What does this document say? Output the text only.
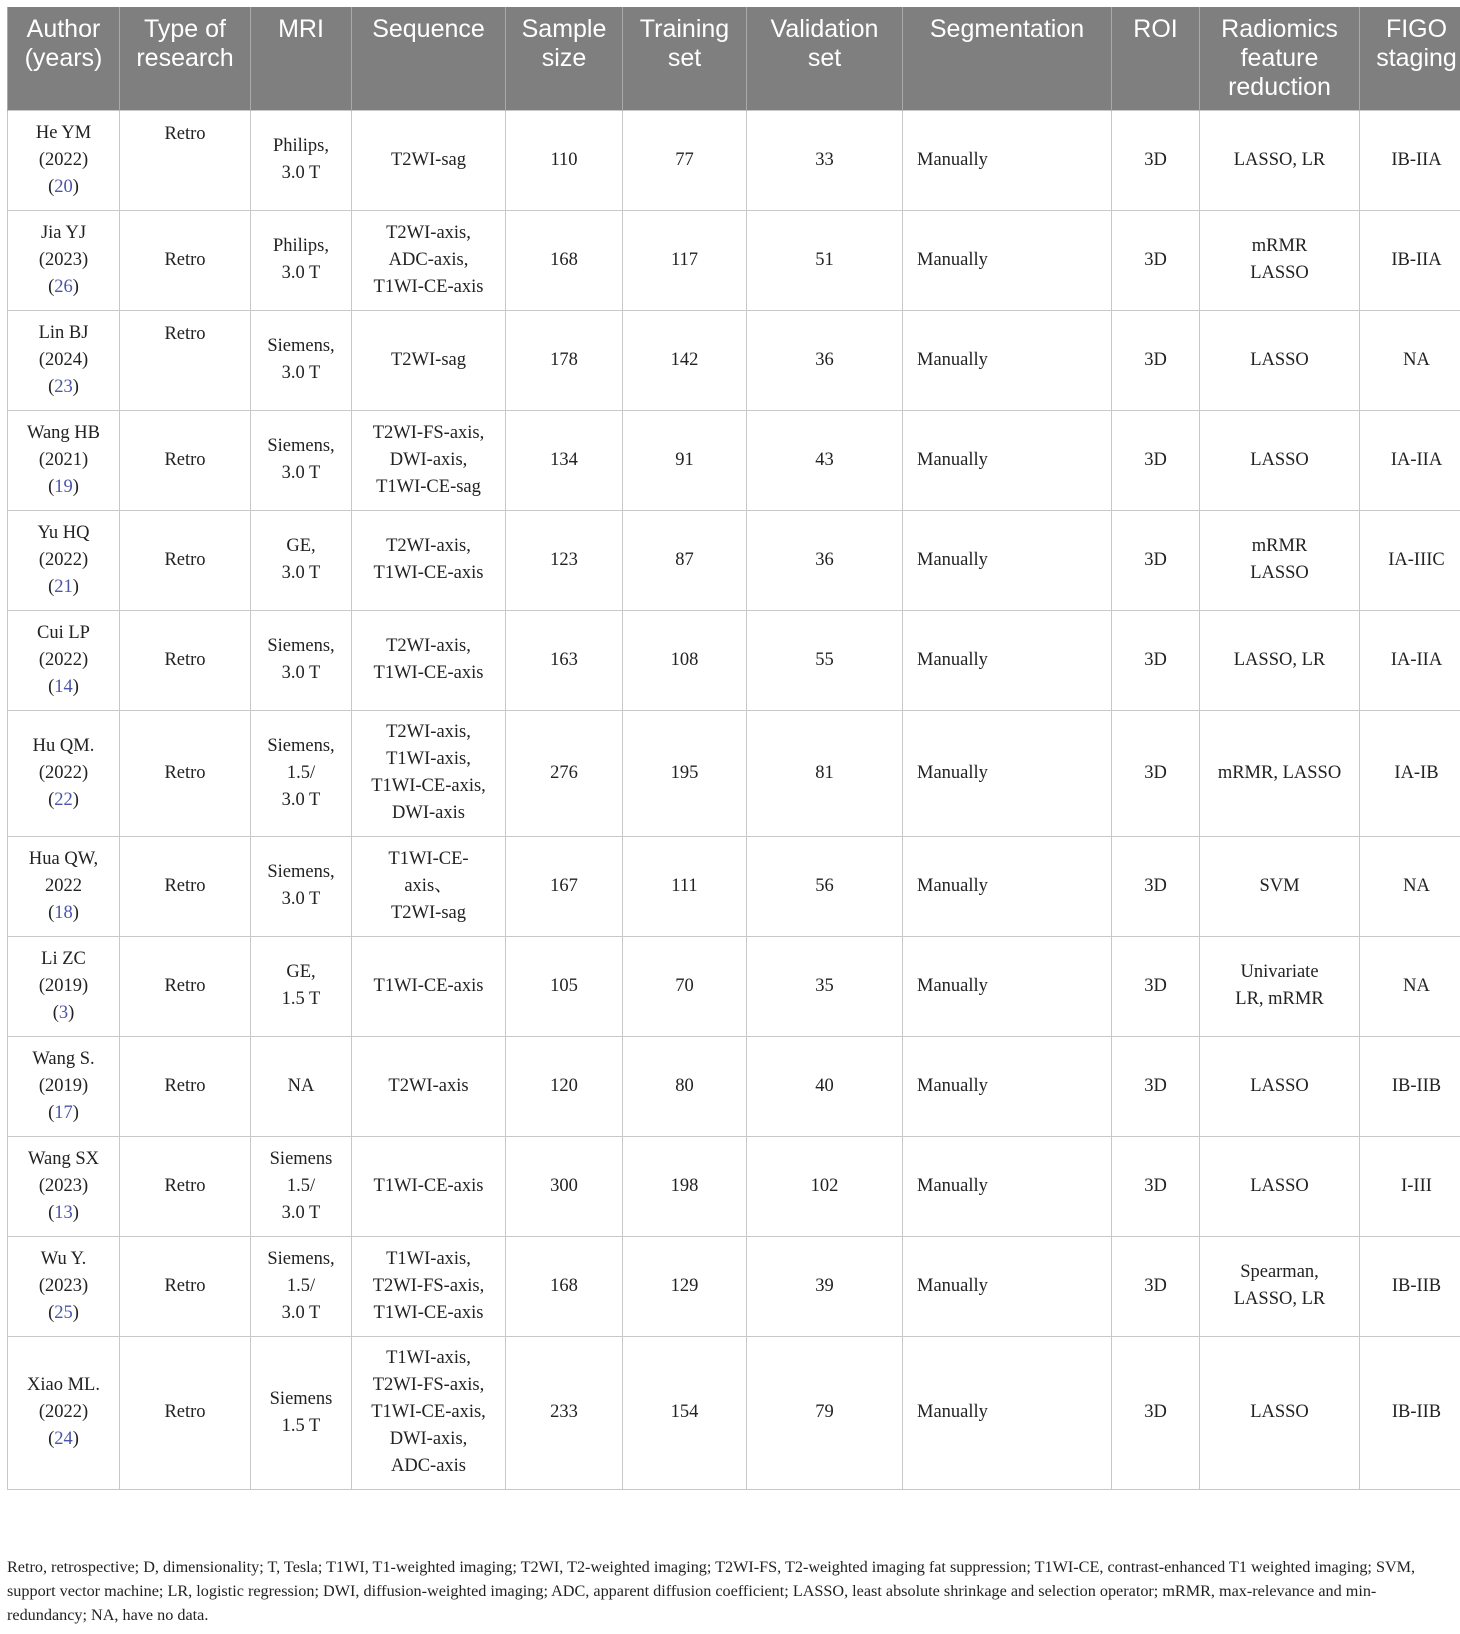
Author
(years)	Type of
research	MRI	Sequence	Sample
size	Training
set	Validation
set	Segmentation	ROI	Radiomics
feature
reduction	FIGO
staging

He YM
(2022)
(20)	Retro	Philips,
3.0 T	T2WI-sag	110	77	33	Manually	3D	LASSO, LR	IB-IIA

Jia YJ
(2023)
(26)	Retro	Philips,
3.0 T	T2WI-axis,
ADC-axis,
T1WI-CE-axis	168	117	51	Manually	3D	mRMR
LASSO	IB-IIA

Lin BJ
(2024)
(23)	Retro	Siemens,
3.0 T	T2WI-sag	178	142	36	Manually	3D	LASSO	NA

Wang HB
(2021)
(19)	Retro	Siemens,
3.0 T	T2WI-FS-axis,
DWI-axis,
T1WI-CE-sag	134	91	43	Manually	3D	LASSO	IA-IIA

Yu HQ
(2022)
(21)	Retro	GE,
3.0 T	T2WI-axis,
T1WI-CE-axis	123	87	36	Manually	3D	mRMR
LASSO	IA-IIIC

Cui LP
(2022)
(14)	Retro	Siemens,
3.0 T	T2WI-axis,
T1WI-CE-axis	163	108	55	Manually	3D	LASSO, LR	IA-IIA

Hu QM.
(2022)
(22)	Retro	Siemens,
1.5/
3.0 T	T2WI-axis,
T1WI-axis,
T1WI-CE-axis,
DWI-axis	276	195	81	Manually	3D	mRMR, LASSO	IA-IB

Hua QW,
2022
(18)	Retro	Siemens,
3.0 T	T1WI-CE-
axis、
T2WI-sag	167	111	56	Manually	3D	SVM	NA

Li ZC
(2019)
(3)	Retro	GE,
1.5 T	T1WI-CE-axis	105	70	35	Manually	3D	Univariate
LR, mRMR	NA

Wang S.
(2019)
(17)	Retro	NA	T2WI-axis	120	80	40	Manually	3D	LASSO	IB-IIB

Wang SX
(2023)
(13)	Retro	Siemens
1.5/
3.0 T	T1WI-CE-axis	300	198	102	Manually	3D	LASSO	I-III

Wu Y.
(2023)
(25)	Retro	Siemens,
1.5/
3.0 T	T1WI-axis,
T2WI-FS-axis,
T1WI-CE-axis	168	129	39	Manually	3D	Spearman,
LASSO, LR	IB-IIB

Xiao ML.
(2022)
(24)	Retro	Siemens
1.5 T	T1WI-axis,
T2WI-FS-axis,
T1WI-CE-axis,
DWI-axis,
ADC-axis	233	154	79	Manually	3D	LASSO	IB-IIB
Retro, retrospective; D, dimensionality; T, Tesla; T1WI, T1-weighted imaging; T2WI, T2-weighted imaging; T2WI-FS, T2-weighted imaging fat suppression; T1WI-CE, contrast-enhanced T1 weighted imaging; SVM, support vector machine; LR, logistic regression; DWI, diffusion-weighted imaging; ADC, apparent diffusion coefficient; LASSO, least absolute shrinkage and selection operator; mRMR, max-relevance and min-redundancy; NA, have no data.
